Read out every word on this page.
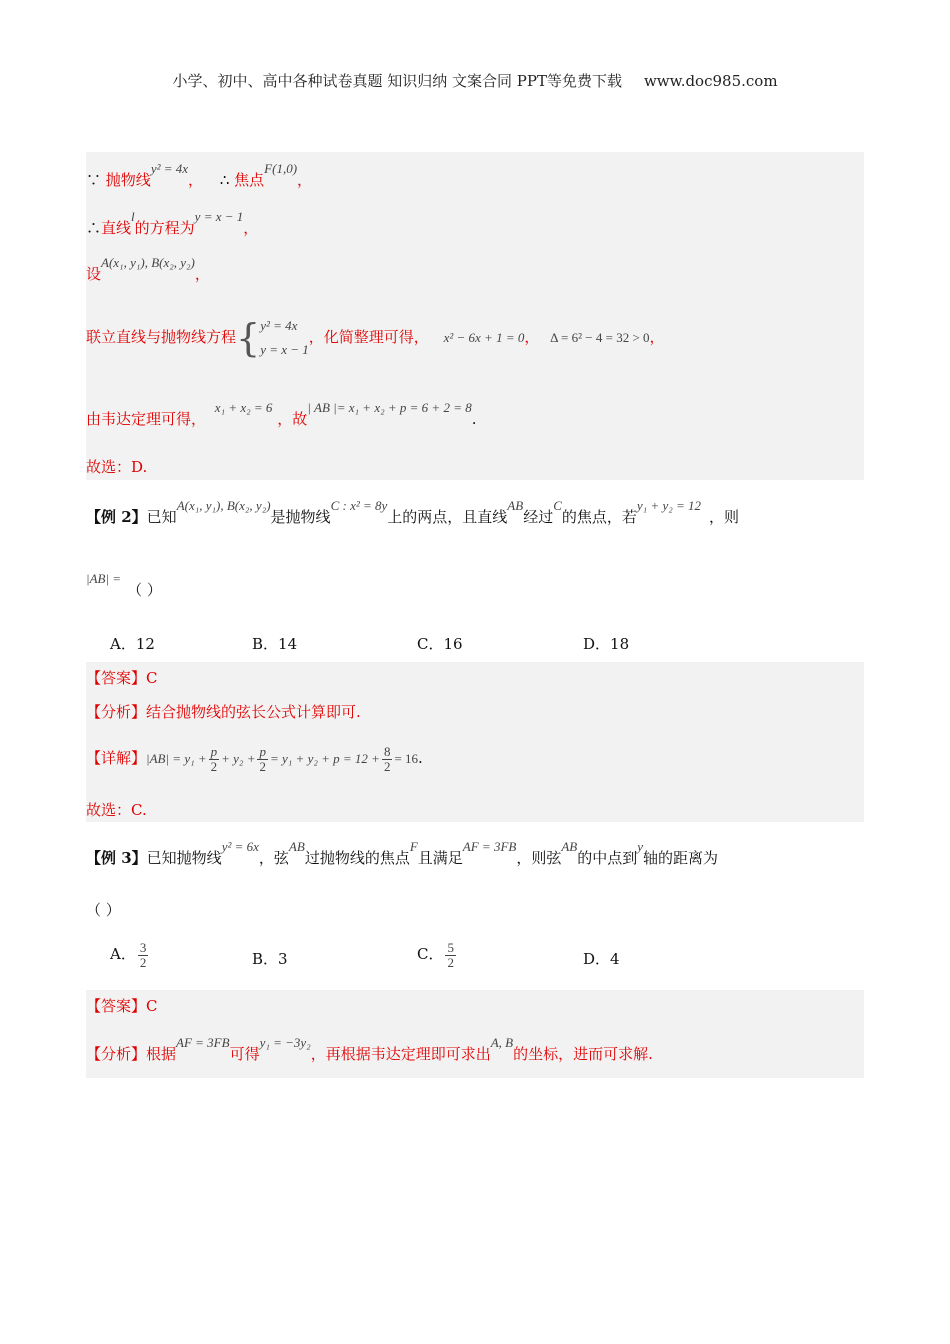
小学、初中、高中各种试卷真题 知识归纳 文案合同 PPT等免费下载 www.doc985.com
∵ 抛物线y² = 4x， ∴ 焦点F(1,0)，
∴直线l的方程为y = x − 1，
设A(x₁, y₁), B(x₂, y₂)，
联立直线与抛物线方程{ y² = 4x
y = x − 1
，化简整理可得， x² − 6x + 1 = 0， Δ = 6² − 4 = 32 > 0，
由韦达定理可得， x₁ + x₂ = 6 ，故| AB |= x₁ + x₂ + p = 6 + 2 = 8.
故选：D.
【例 2】已知A(x₁, y₁), B(x₂, y₂)是抛物线C : x² = 8y上的两点，且直线AB经过C的焦点，若y₁ + y₂ = 12，则
|AB| =（ ）
A．12	B．14	C．16	D．18
【答案】C
【分析】结合抛物线的弦长公式计算即可.
【详解】$|AB| = y_1 + \frac{p}{2} + y_2 + \frac{p}{2} = y_1 + y_2 + p = 12 + \frac{8}{2} = 16$.
故选：C.
【例 3】已知抛物线y² = 6x，弦AB过抛物线的焦点F且满足AF = 3FB，则弦AB的中点到y轴的距离为
（ ）
A． $\frac{3}{2}$	B．3	C． $\frac{5}{2}$	D．4
【答案】C
【分析】根据AF = 3FB可得y₁ = −3y₂，再根据韦达定理即可求出A, B的坐标，进而可求解.
